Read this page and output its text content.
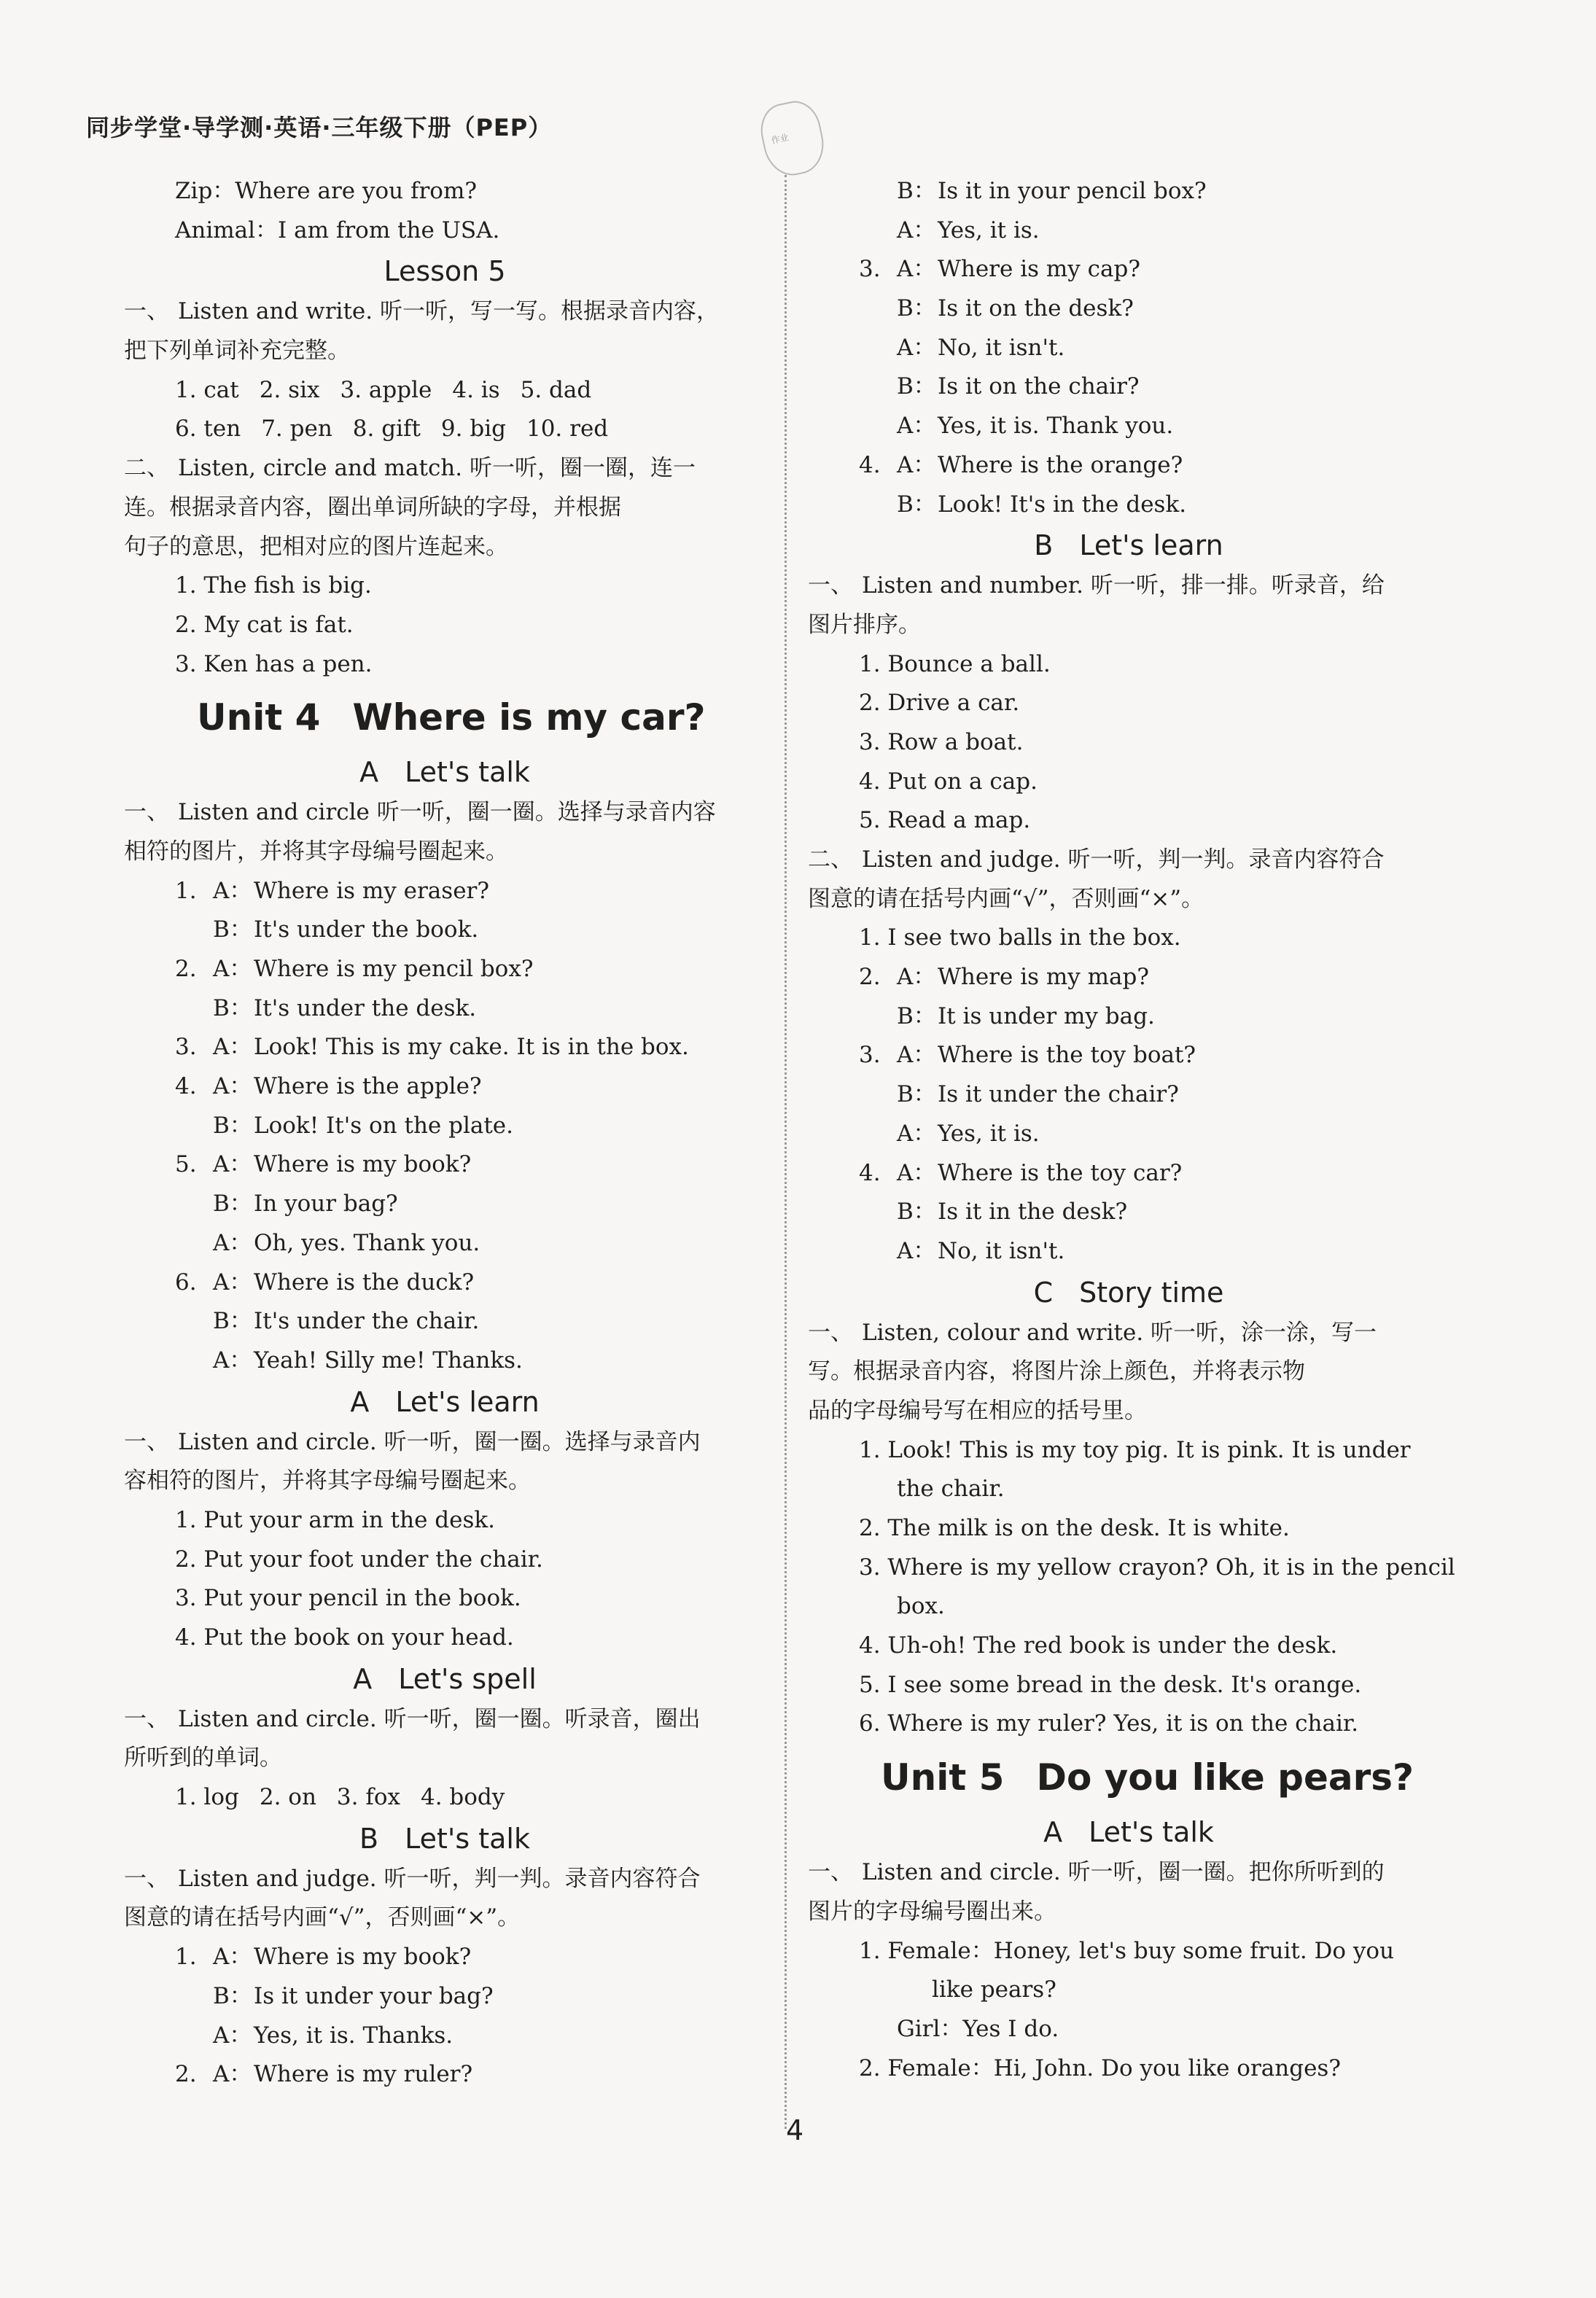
同步学堂·导学测·英语·三年级下册（PEP）	作业
Zip：Where are you from?
Animal：I am from the USA.
Lesson 5
一、 Listen and write. 听一听，写一写。根据录音内容，
把下列单词补充完整。
1. cat 2. six 3. apple 4. is 5. dad
6. ten 7. pen 8. gift 9. big 10. red
二、 Listen, circle and match. 听一听，圈一圈，连一
连。根据录音内容，圈出单词所缺的字母，并根据
句子的意思，把相对应的图片连起来。
1. The fish is big.
2. My cat is fat.
3. Ken has a pen.
Unit 4 Where is my car?
A Let's talk
一、 Listen and circle 听一听，圈一圈。选择与录音内容
相符的图片，并将其字母编号圈起来。
1. A：Where is my eraser?
B：It's under the book.
2. A：Where is my pencil box?
B：It's under the desk.
3. A：Look! This is my cake. It is in the box.
4. A：Where is the apple?
B：Look! It's on the plate.
5. A：Where is my book?
B：In your bag?
A：Oh, yes. Thank you.
6. A：Where is the duck?
B：It's under the chair.
A：Yeah! Silly me! Thanks.
A Let's learn
一、 Listen and circle. 听一听，圈一圈。选择与录音内
容相符的图片，并将其字母编号圈起来。
1. Put your arm in the desk.
2. Put your foot under the chair.
3. Put your pencil in the book.
4. Put the book on your head.
A Let's spell
一、 Listen and circle. 听一听，圈一圈。听录音，圈出
所听到的单词。
1. log 2. on 3. fox 4. body
B Let's talk
一、 Listen and judge. 听一听，判一判。录音内容符合
图意的请在括号内画“√”，否则画“×”。
1. A：Where is my book?
B：Is it under your bag?
A：Yes, it is. Thanks.
2. A：Where is my ruler?
B：Is it in your pencil box?
A：Yes, it is.
3. A：Where is my cap?
B：Is it on the desk?
A：No, it isn't.
B：Is it on the chair?
A：Yes, it is. Thank you.
4. A：Where is the orange?
B：Look! It's in the desk.
B Let's learn
一、 Listen and number. 听一听，排一排。听录音，给
图片排序。
1. Bounce a ball.
2. Drive a car.
3. Row a boat.
4. Put on a cap.
5. Read a map.
二、 Listen and judge. 听一听，判一判。录音内容符合
图意的请在括号内画“√”，否则画“×”。
1. I see two balls in the box.
2. A：Where is my map?
B：It is under my bag.
3. A：Where is the toy boat?
B：Is it under the chair?
A：Yes, it is.
4. A：Where is the toy car?
B：Is it in the desk?
A：No, it isn't.
C Story time
一、 Listen, colour and write. 听一听，涂一涂，写一
写。根据录音内容，将图片涂上颜色，并将表示物
品的字母编号写在相应的括号里。
1. Look! This is my toy pig. It is pink. It is under
the chair.
2. The milk is on the desk. It is white.
3. Where is my yellow crayon? Oh, it is in the pencil
box.
4. Uh-oh! The red book is under the desk.
5. I see some bread in the desk. It's orange.
6. Where is my ruler? Yes, it is on the chair.
Unit 5 Do you like pears?
A Let's talk
一、 Listen and circle. 听一听，圈一圈。把你所听到的
图片的字母编号圈出来。
1. Female：Honey, let's buy some fruit. Do you
like pears?
Girl：Yes I do.
2. Female：Hi, John. Do you like oranges?
4
